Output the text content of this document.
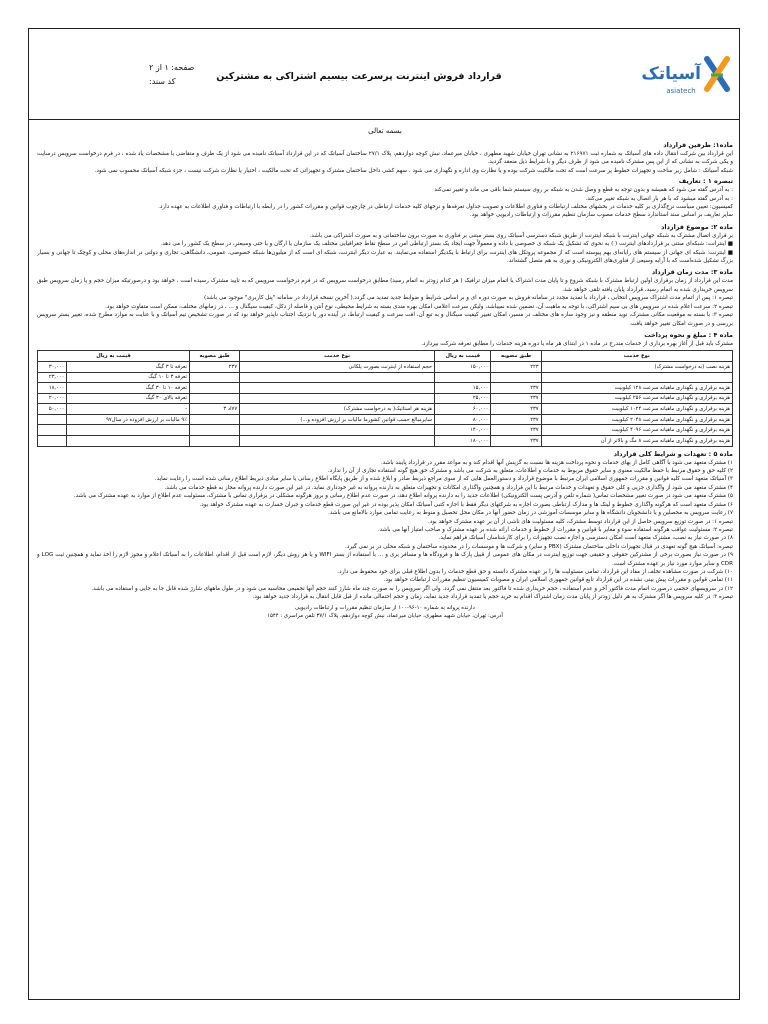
آسیاتک
asiatech
قرارداد فروش اینترنت پرسرعت بیسیم اشتراکی به مشترکین
صفحه: ۱ از ۲
کد سند:
بسمه تعالی
ماده۱: طرفین قرارداد

این قرارداد بین شرکت انتقال داده های آسیاتک به شماره ثبت ۲۱۶۹۷۱ به نشانی تهران خیابان شهید مطهری ، خیابان میرعماد، نبش کوچه دوازدهم، پلاک ۲۷/۱ ساختمان آسیاتک که در این قرارداد آسیاتک نامیده می شود از یک طرف و متقاضی با مشخصات یاد شده ، در فرم درخواست سرویس درسایت و یکی شرکت به نشانی که از این پس مشترک نامیده می شود از طرف دیگر و با شرایط ذیل منعقد گردید.

شبکه آسیاتک : شامل زیر ساخت و تجهیزات خطوط پر سرعت است که تحت مالکیت شرکت بوده و یا نظارت وی اداره و نگهداری می شود . سهم کشی داخل ساختمان مشترک و تجهیزاتی که تحت مالکیت ، اختیار یا نظارت شرکت نیست ، جزء شبکه آسیاتک محسوب نمی شود.

تبصره ۱ : تعاریف

: به آدرس گفته می شود که همیشه و بدون توجه به قطع و وصل شدن به شبکه بر روی سیستم شما باقی می ماند و تغییر نمی‌کند

: به آدرس گفته میشود که با هر بار اتصال به شبکه تغییر می‌کند.

کمیسیون: تعیین سیاست نرخ‌گذاری بر کلیه خدمات در بخشهای مختلف ارتباطات و فناوری اطلاعات و تصویب جداول تعرفه‌ها و نرخهای کلیه خدمات ارتباطی در چارچوب قوانین و مقررات کشور را در رابطه با ارتباطات و فناوری اطلاعات به عهده دارد.

سایر تعاریف بر اساس سند استاندارد سطح خدمات مصوب سازمان تنظیم مقررات و ارتباطات رادیویی خواهد بود.

ماده ۲: موضوع قرارداد

بر قراری اتصال مشترک به شبکه جهانی اینترنت با شبکه اینترنت از طریق شبکه دسترسی آسیاتک روی بستر مبتنی بر فناوری به صورت برون ساختمانی و به صورت اشتراکی می باشد.

■ اینترانت: شبکه‌ای مبتنی بر قراردادهای اینترنت ( ) به نحوی که تشکیل یک شبکه ی خصوصی با داده و معمولاً جهت ایجاد یک بستر ارتباطی امن در سطح نقاط جغرافیایی مختلف یک سازمان یا ارگان و یا حتی وسیعتر، در سطح یک کشور را می دهد.

■ اینترنت: شبکه ای جهانی از سیستم های رایانه‌ای بهم پیوسته است که از مجموعه پروتکل های اینترنت برای ارتباط با یکدیگر استفاده می‌نمایند. به عبارت دیگر اینترنت، شبکه ای است که از میلیون‌ها شبکه خصوصی، عمومی، دانشگاهی، تجاری و دولتی در اندازه‌های محلی و کوچک تا جهانی و بسیار بزرگ تشکیل شده‌است که با آرایه وسیعی از فناوری‌های الکترونیکی و نوری به هم متصل گشته‌اند.

ماده ۳: مدت زمان قرارداد

مدت این قرارداد از زمان برقراری اولین ارتباط مشترک با شبکه شروع و تا پایان مدت اشتراک یا اتمام میزان ترافیک ( هر کدام زودتر به اتمام رسید) مطابق درخواست سرویس که در فرم درخواست سرویس که به تایید مشترک رسیده است ، خواهد بود و درصورتیکه میزان حجم و یا زمان سرویس طبق سرویس خریداری شده به اتمام رسید، قرارداد پایان یافته تلقی خواهد شد.

تبصره ۱: پس از اتمام مدت اشتراک سرویس انتخابی ، قرارداد با تمدید مجدد در سامانه فروش به صورت دوره ای و بر اساس شرایط و ضوابط جدید تمدید می گردد.( آخرین نسخه قرارداد در سامانه "پنل کاربری" موجود می باشد)

تبصره ۲: سرعت اعلام شده در سرویس های بی سیم اشتراکی، با توجه به ماهیت آن، تضمین شده نمیباشد، ولیکن سرعت اعلامی امکان بهره مندی بسته به شرایط محیطی، نوع آنتن و فاصله از دکل، کیفیت سیگنال و ... ، در زمانهای مختلف، ممکن است متفاوت خواهد بود.

تبصره ۳: با بسته به موقعیت مکانی مشترک، نوید منطقه و نیز وجود سازه های مختلف در مسیر، امکان تغییر کیفیت سیگنال و به تبع آن، افت سرعت و کیفیت ارتباط، در آینده دور یا نزدیک اجتناب ناپذیر خواهد بود که در صورت تشخیص تیم آسیاتک و با عنایت به موارد مطرح شده، تغییر بستر سرویس بررسی و در صورت امکان تغییر خواهد یافت.

ماده ۴ : مبلغ و نحوه پرداخت

مشترک باید قبل از آغاز بهره برداری از خدمات مندرج در ماده ۱ در ابتدای هر ماه یا دوره هزینه خدمات را مطابق تعرفه شرکت بپردازد.

نوع خدمت	طبق مصوبه	قیمت به ریال	نوع خدمت	طبق مصوبه	قیمت به ریال	
هزینه نصب (به درخواست مشترک)	۲۲۳	۱۵۰,۰۰۰	حجم استفاده از اینترنت بصورت پلکانی	۲۳۷	تعرفه تا ۳ گیگ	۳۰,۰۰۰
					تعرفه ۳ تا ۱۰ گیگ	۲۳,۰۰۰
هزینه برقراری و نگهداری ماهیانه سرعت ۱۲۸ کیلوبیت	۲۳۷	۱۵,۰۰۰			تعرفه ۱۰ تا ۳۰ گیگ	۱۸,۰۰۰
هزینه برقراری و نگهداری ماهیانه سرعت ۲۵۶ کیلوبیت	۲۳۷	۲۵,۰۰۰			تعرفه بالای ۳۰ گیگ	۲۰,۰۰۰
هزینه برقراری و نگهداری ماهیانه سرعت ۱۰۲۴ کیلوبیت	۲۳۷	۶۰,۰۰۰	هزینه هر استاتیک( به درخواست مشترک)	۷۷اد ۳	-	۵۰,۰۰۰
هزینه برقراری و نگهداری ماهیانه سرعت ۲۰۴۸ کیلوبیت	۲۳۷	۸۰,۰۰۰	سایرمبالغ حسب قوانین کشورما مالیات بر ارزش افزوده و...)		۹٪ مالیات بر ارزش افزوده در سال۹۷	
هزینه برقراری و نگهداری ماهیانه سرعت ۴۰۹۶ کیلوبیت	۲۳۷	۱۴۰,۰۰۰				
هزینه برقراری و نگهداری ماهیانه سرعت ۸ مگ و بالاتر از آن	۲۳۷	۱۸۰,۰۰۰				
ماده ۵ : تعهدات و شرایط کلی قرارداد

۱) مشترک متعهد می شود با آگاهی کامل از بهای خدمات و نحوه پرداخت هزینه ها نسبت به گزینش آنها اقدام کند و به مواعد مقرر در قرارداد پایبند باشد.

۲) کلیه حق و حقوق مرتبط با حفظ مالکیت معنوی و سایر حقوق مربوط به خدمات و اطلاعات، متعلق به شرکت می باشد و مشترک حق هیچ گونه استفاده تجاری از آن را ندارد.

۳) آسیاتک متعهد است کلیه قوانین و مقررات جمهوری اسلامی ایران مرتبط با موضوع قرارداد و دستورالعمل هایی که از سوی مراجع ذیربط صادر و ابلاغ شده و از طریق پایگاه اطلاع رسانی یا سایر مبادی ذیربط اطلاع رسانی شده است را رعایت نماید.

۴) مشترک متعهد می شود از واگذاری جزیی و کلی حقوق و تعهدات و خدمات مرتبط با این قرارداد و همچنین واگذاری امکانات و تجهیزات متعلق به دارنده پروانه به غیر خودداری نماید. در غیر این صورت دارنده پروانه مجاز به قطع خدمات می باشد.

۵) مشترک متعهد می شود در صورت تغییر مشخصات تماس( شماره تلفن و آدرس پست الکترونیکی) اطلاعات جدید را به دارنده پروانه اطلاع دهد، در صورت عدم اطلاع رسانی و بروز هرگونه مشکلی در برقراری تماس با مشترک، مسئولیت عدم اطلاع از موارد به عهده مشترک می باشد.

۶) مشترک متعهد است که هرگونه واگذاری خطوط و لینک ها و مدارک ارتباطی بصورت اجاره به شرکتهای دیگر فقط با اجازه کتبی آسیاتک امکان پذیر بوده در غیر این صورت قطع خدمات و جبران خسارت به عهده مشترک خواهد بود.

۷) رعایت سرویس به محصلین و یا دانشجویان دانشگاه ها و سایر موسسات آموزشی در زمان حضور آنها در مکان محل تحصیل و منوط به رعایت تمامی موارد بالامانع می باشد.

تبصره ۱: در صورت توزیع سرویس حاصل از این قرارداد توسط مشترک، کلیه مسئولیت های ناشی از آن بر عهده مشترک خواهد بود.

تبصره ۲: مسئولیت عواقب هرگونه استفاده سوء و مغایر با قوانین و مقررات از خطوط و خدمات ارائه شده بر عهده مشترک و صاحب امتیاز آنها می باشد.

۸) در صورت نیاز به نصب، مشترک متعهد است امکان دسترسی و اجازه نصب تجهیزات را برای کارشناسان آسیاتک فراهم نماید.

تبصره: آسیاتک هیچ گونه تعهدی در قبال تجهیزات داخلی ساختمان مشترک (PBX و سایر) و شرکت ها و موسسات را در محدوده ساختمان و شبکه محلی در بر نمی گیرد.

۹) در صورت نیاز بصورت برخی از مشترکین حقوقی و حقیقی جهت توزیع اینترنت در مکان های عمومی از قبیل پارک ها و فرودگاه ها و مسافر بری و ... با استفاده از بستر WIFI و یا هر روش دیگر، لازم است قبل از اقدام، اطلاعات را به آسیاتک اعلام و مجوز لازم را اخذ نماید و همچنین ثبت LOG و CDR و سایر موارد مورد نیاز بر عهده مشترک است.

۱۰) شرکت در صورت مشاهده تخلف از مفاد این قرارداد، تمامی مسئولیت ها را بر عهده مشترک دانسته و حق قطع خدمات را بدون اطلاع قبلی برای خود محفوظ می دارد.

۱۱) تمامی قوانین و مقررات پیش بینی نشده در این قرارداد تابع قوانین جمهوری اسلامی ایران و مصوبات کمیسیون تنظیم مقررات ارتباطات خواهد بود.

۱۲) در سرویسهای حجمی درصورت اتمام مدت فاکتور آخر و عدم استفاده ، حجم خریداری شده تا فاکتور بعد منتقل نمی گردد. ولی اگر سرویس را به صورت چند ماه شارژ کنند حجم آنها تجمیعی محاسبه می شود و در طول ماههای شارژ شده قابل جا به جایی و استفاده می باشد.

تبصره ۳: در کلیه سرویس ها اگر مشترک به هر دلیل زودتر از پایان مدت زمان اشتراک اقدام به خرید حجم یا تمدید قرارداد جدید نماید، زمان و حجم احتمالی مانده از قبل قابل انتقال به قرارداد جدید خواهد بود.

دارنده پروانه به شماره ۱۰-۹۶-۱۰۰ از سازمان تنظیم مقررات و ارتباطات رادیویی
آدرس: تهران، خیابان شهید مطهری، خیابان میرعماد، نبش کوچه دوازدهم، پلاک ۳۷/۱ تلفن مراسری : ۱۵۴۴
